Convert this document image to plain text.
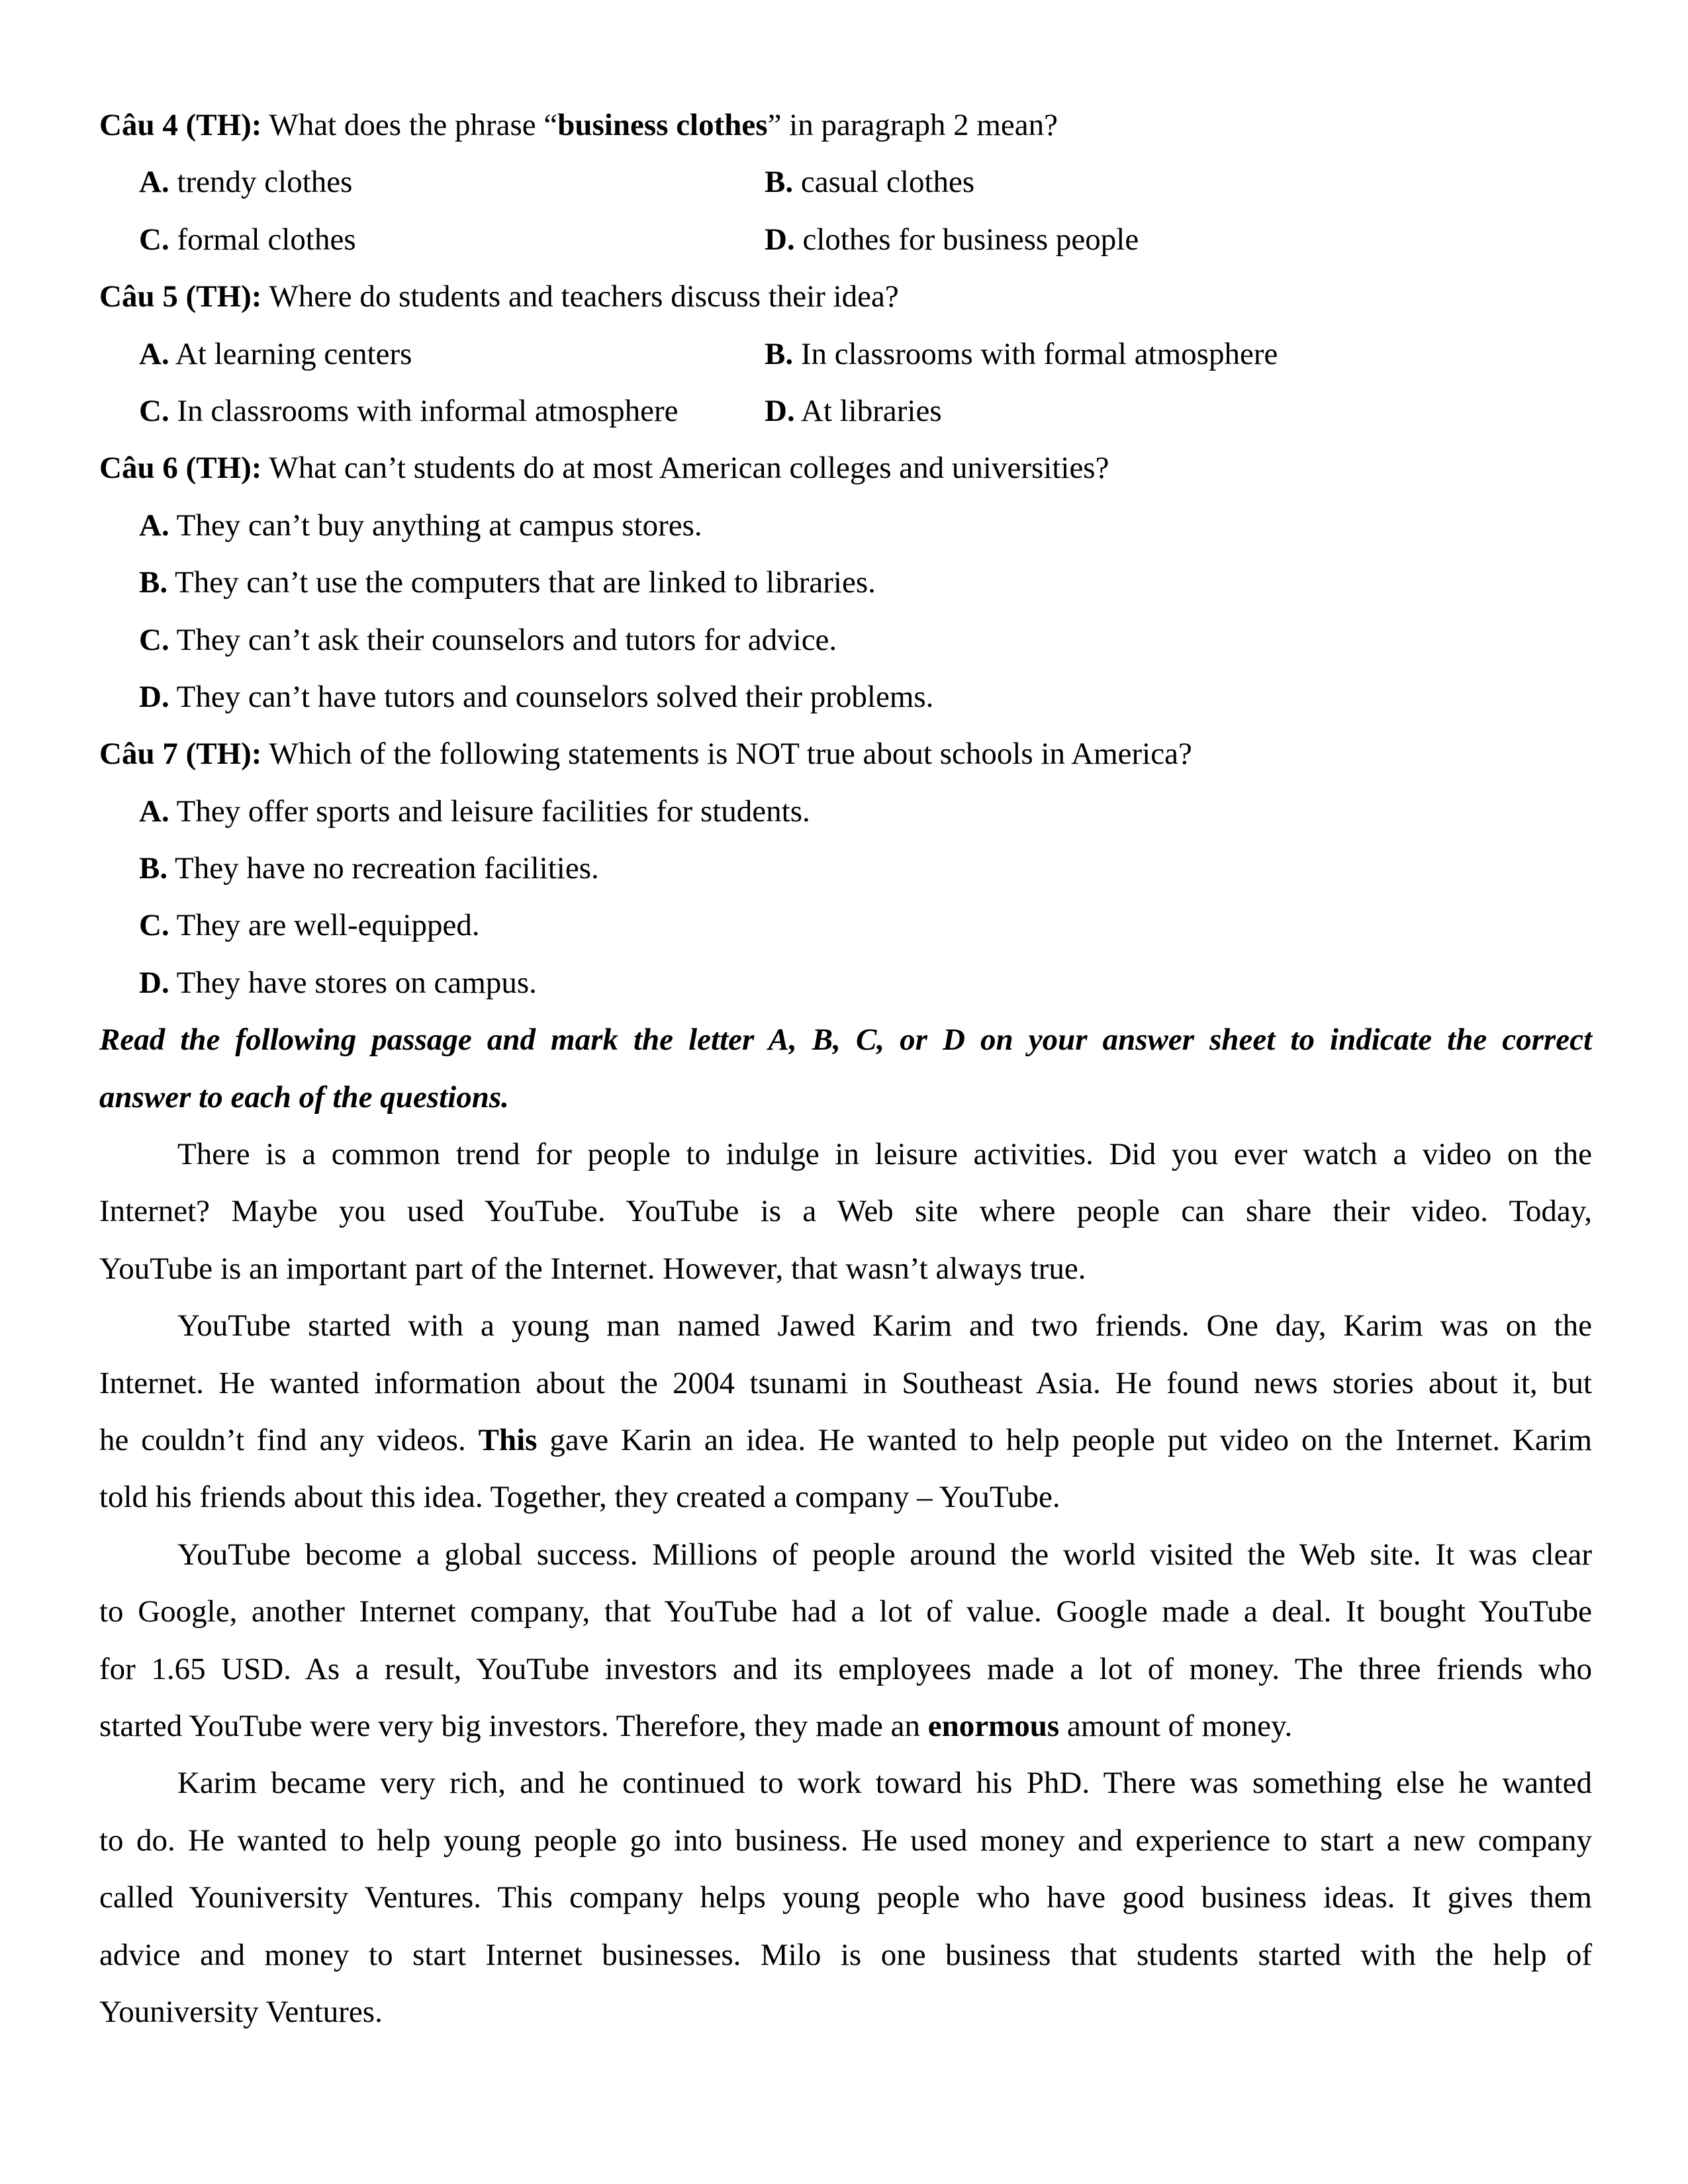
Câu 4 (TH): What does the phrase “business clothes” in paragraph 2 mean?
A. trendy clothes	B. casual clothes
C. formal clothes	D. clothes for business people
Câu 5 (TH): Where do students and teachers discuss their idea?
A. At learning centers	B. In classrooms with formal atmosphere
C. In classrooms with informal atmosphere	D. At libraries
Câu 6 (TH): What can’t students do at most American colleges and universities?
A. They can’t buy anything at campus stores.
B. They can’t use the computers that are linked to libraries.
C. They can’t ask their counselors and tutors for advice.
D. They can’t have tutors and counselors solved their problems.
Câu 7 (TH): Which of the following statements is NOT true about schools in America?
A. They offer sports and leisure facilities for students.
B. They have no recreation facilities.
C. They are well-equipped.
D. They have stores on campus.
Read the following passage and mark the letter A, B, C, or D on your answer sheet to indicate the correct
answer to each of the questions.
There is a common trend for people to indulge in leisure activities. Did you ever watch a video on the
Internet? Maybe you used YouTube. YouTube is a Web site where people can share their video. Today,
YouTube is an important part of the Internet. However, that wasn’t always true.
YouTube started with a young man named Jawed Karim and two friends. One day, Karim was on the
Internet. He wanted information about the 2004 tsunami in Southeast Asia. He found news stories about it, but
he couldn’t find any videos. This gave Karin an idea. He wanted to help people put video on the Internet. Karim
told his friends about this idea. Together, they created a company – YouTube.
YouTube become a global success. Millions of people around the world visited the Web site. It was clear
to Google, another Internet company, that YouTube had a lot of value. Google made a deal. It bought YouTube
for 1.65 USD. As a result, YouTube investors and its employees made a lot of money. The three friends who
started YouTube were very big investors. Therefore, they made an enormous amount of money.
Karim became very rich, and he continued to work toward his PhD. There was something else he wanted
to do. He wanted to help young people go into business. He used money and experience to start a new company
called Youniversity Ventures. This company helps young people who have good business ideas. It gives them
advice and money to start Internet businesses. Milo is one business that students started with the help of
Youniversity Ventures.
